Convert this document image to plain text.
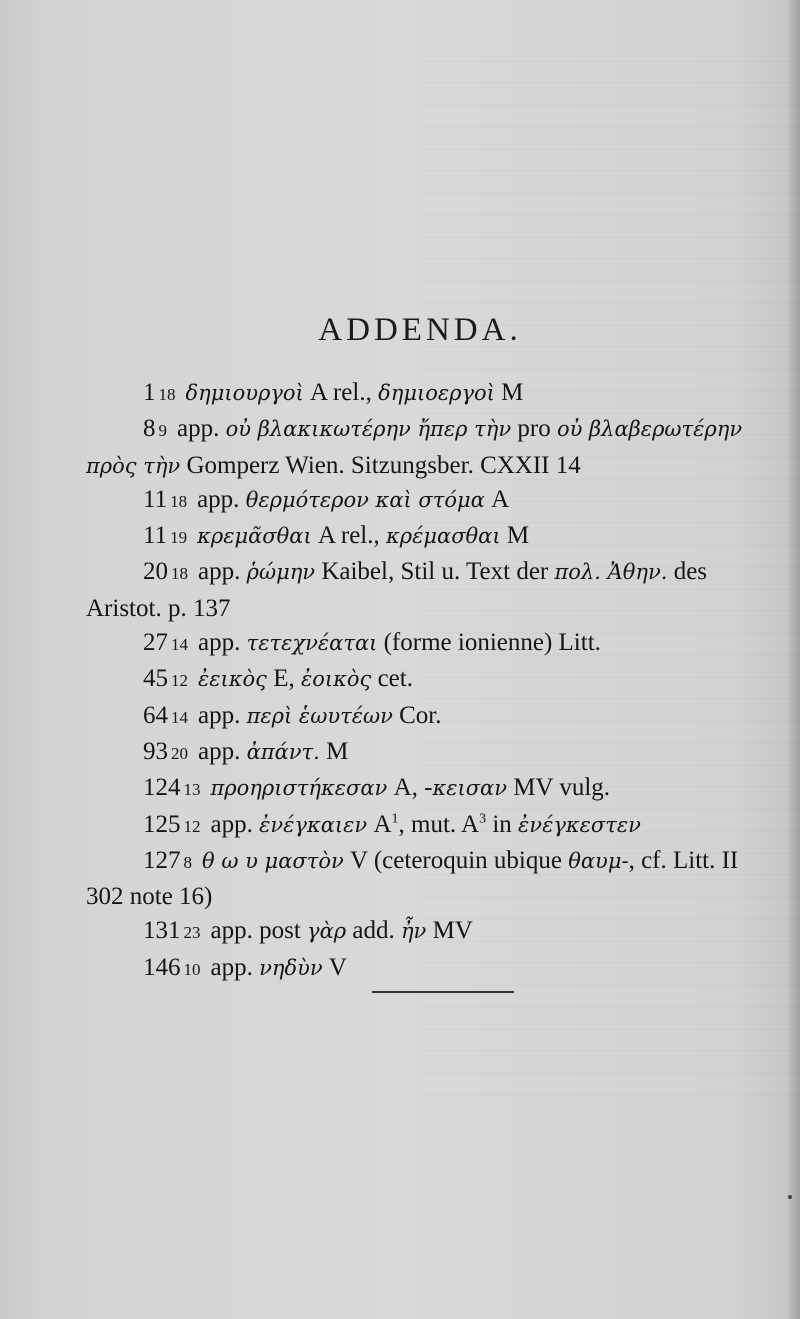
ADDENDA.
1 18 δημιουργοὶ A rel., δημιοεργοὶ M
8 9 app. οὐ βλακικωτέρην ἤπερ τὴν pro οὐ βλαβερωτέρην
πρὸς τὴν Gomperz Wien. Sitzungsber. CXXII 14
11 18 app. θερμότερον καὶ στόμα A
11 19 κρεμᾶσθαι A rel., κρέμασθαι M
20 18 app. ῥώμην Kaibel, Stil u. Text der πολ. Ἀθην. des
Aristot. p. 137
27 14 app. τετεχνέαται (forme ionienne) Litt.
45 12 ἐεικὸς E, ἐοικὸς cet.
64 14 app. περὶ ἑωυτέων Cor.
93 20 app. ἀπάντ. M
124 13 προηριστήκεσαν A, -κεισαν MV vulg.
125 12 app. ἐνέγκαιεν $A^1$, mut. $A^3$ in ἐνέγκεστεν
127 8 θ ω υ μαστὸν V (ceteroquin ubique θαυμ-, cf. Litt. II
302 note 16)
131 23 app. post γὰρ add. ἦν MV
146 10 app. νηδὺν V
